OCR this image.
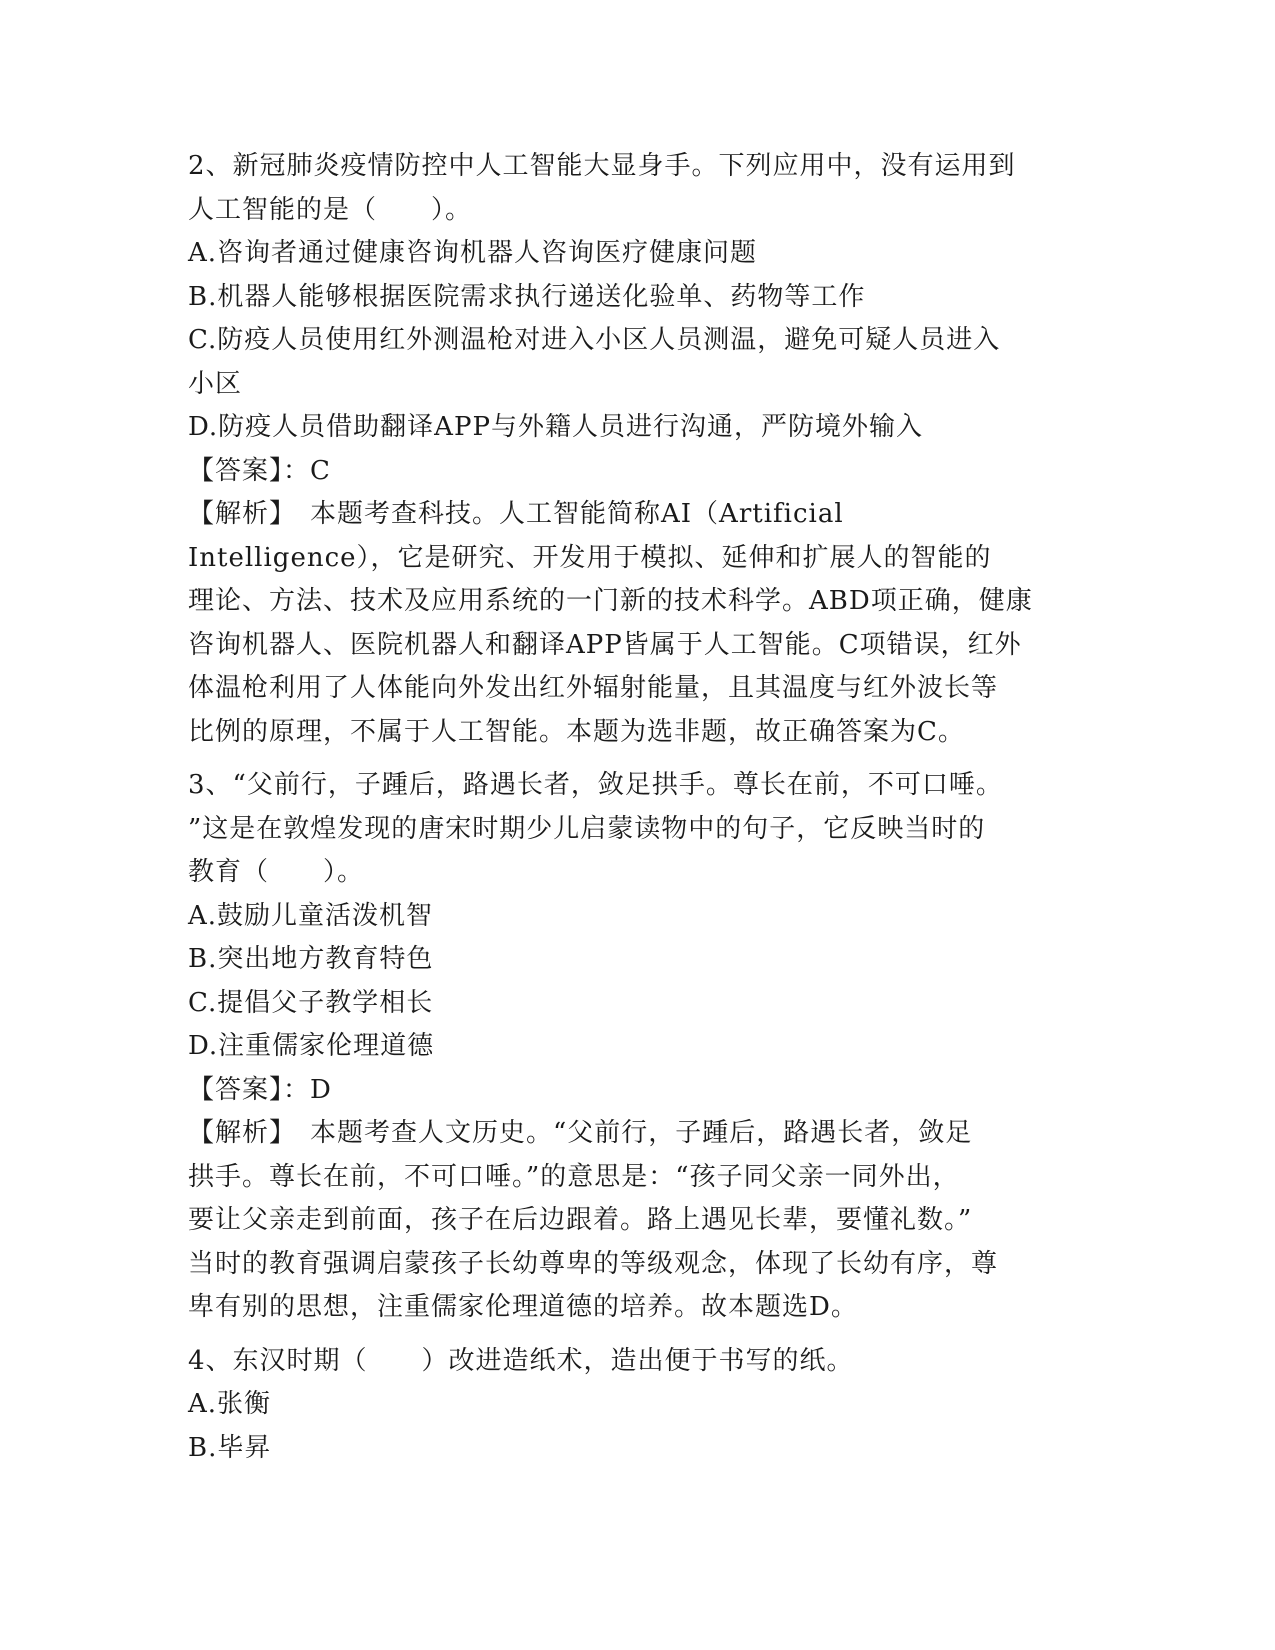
2、新冠肺炎疫情防控中人工智能大显身手。下列应用中，没有运用到
人工智能的是（　　）。
A.咨询者通过健康咨询机器人咨询医疗健康问题
B.机器人能够根据医院需求执行递送化验单、药物等工作
C.防疫人员使用红外测温枪对进入小区人员测温，避免可疑人员进入
小区
D.防疫人员借助翻译APP与外籍人员进行沟通，严防境外输入
【答案】：C
【解析】　本题考查科技。人工智能简称AI（Artificial
Intelligence），它是研究、开发用于模拟、延伸和扩展人的智能的
理论、方法、技术及应用系统的一门新的技术科学。ABD项正确，健康
咨询机器人、医院机器人和翻译APP皆属于人工智能。C项错误，红外
体温枪利用了人体能向外发出红外辐射能量，且其温度与红外波长等
比例的原理，不属于人工智能。本题为选非题，故正确答案为C。
3、“父前行，子踵后，路遇长者，敛足拱手。尊长在前，不可口唾。
”这是在敦煌发现的唐宋时期少儿启蒙读物中的句子，它反映当时的
教育（　　）。
A.鼓励儿童活泼机智
B.突出地方教育特色
C.提倡父子教学相长
D.注重儒家伦理道德
【答案】：D
【解析】　本题考查人文历史。“父前行，子踵后，路遇长者，敛足
拱手。尊长在前，不可口唾。”的意思是：“孩子同父亲一同外出，
要让父亲走到前面，孩子在后边跟着。路上遇见长辈，要懂礼数。”
当时的教育强调启蒙孩子长幼尊卑的等级观念，体现了长幼有序，尊
卑有别的思想，注重儒家伦理道德的培养。故本题选D。
4、东汉时期（　　）改进造纸术，造出便于书写的纸。
A.张衡
B.毕昇
